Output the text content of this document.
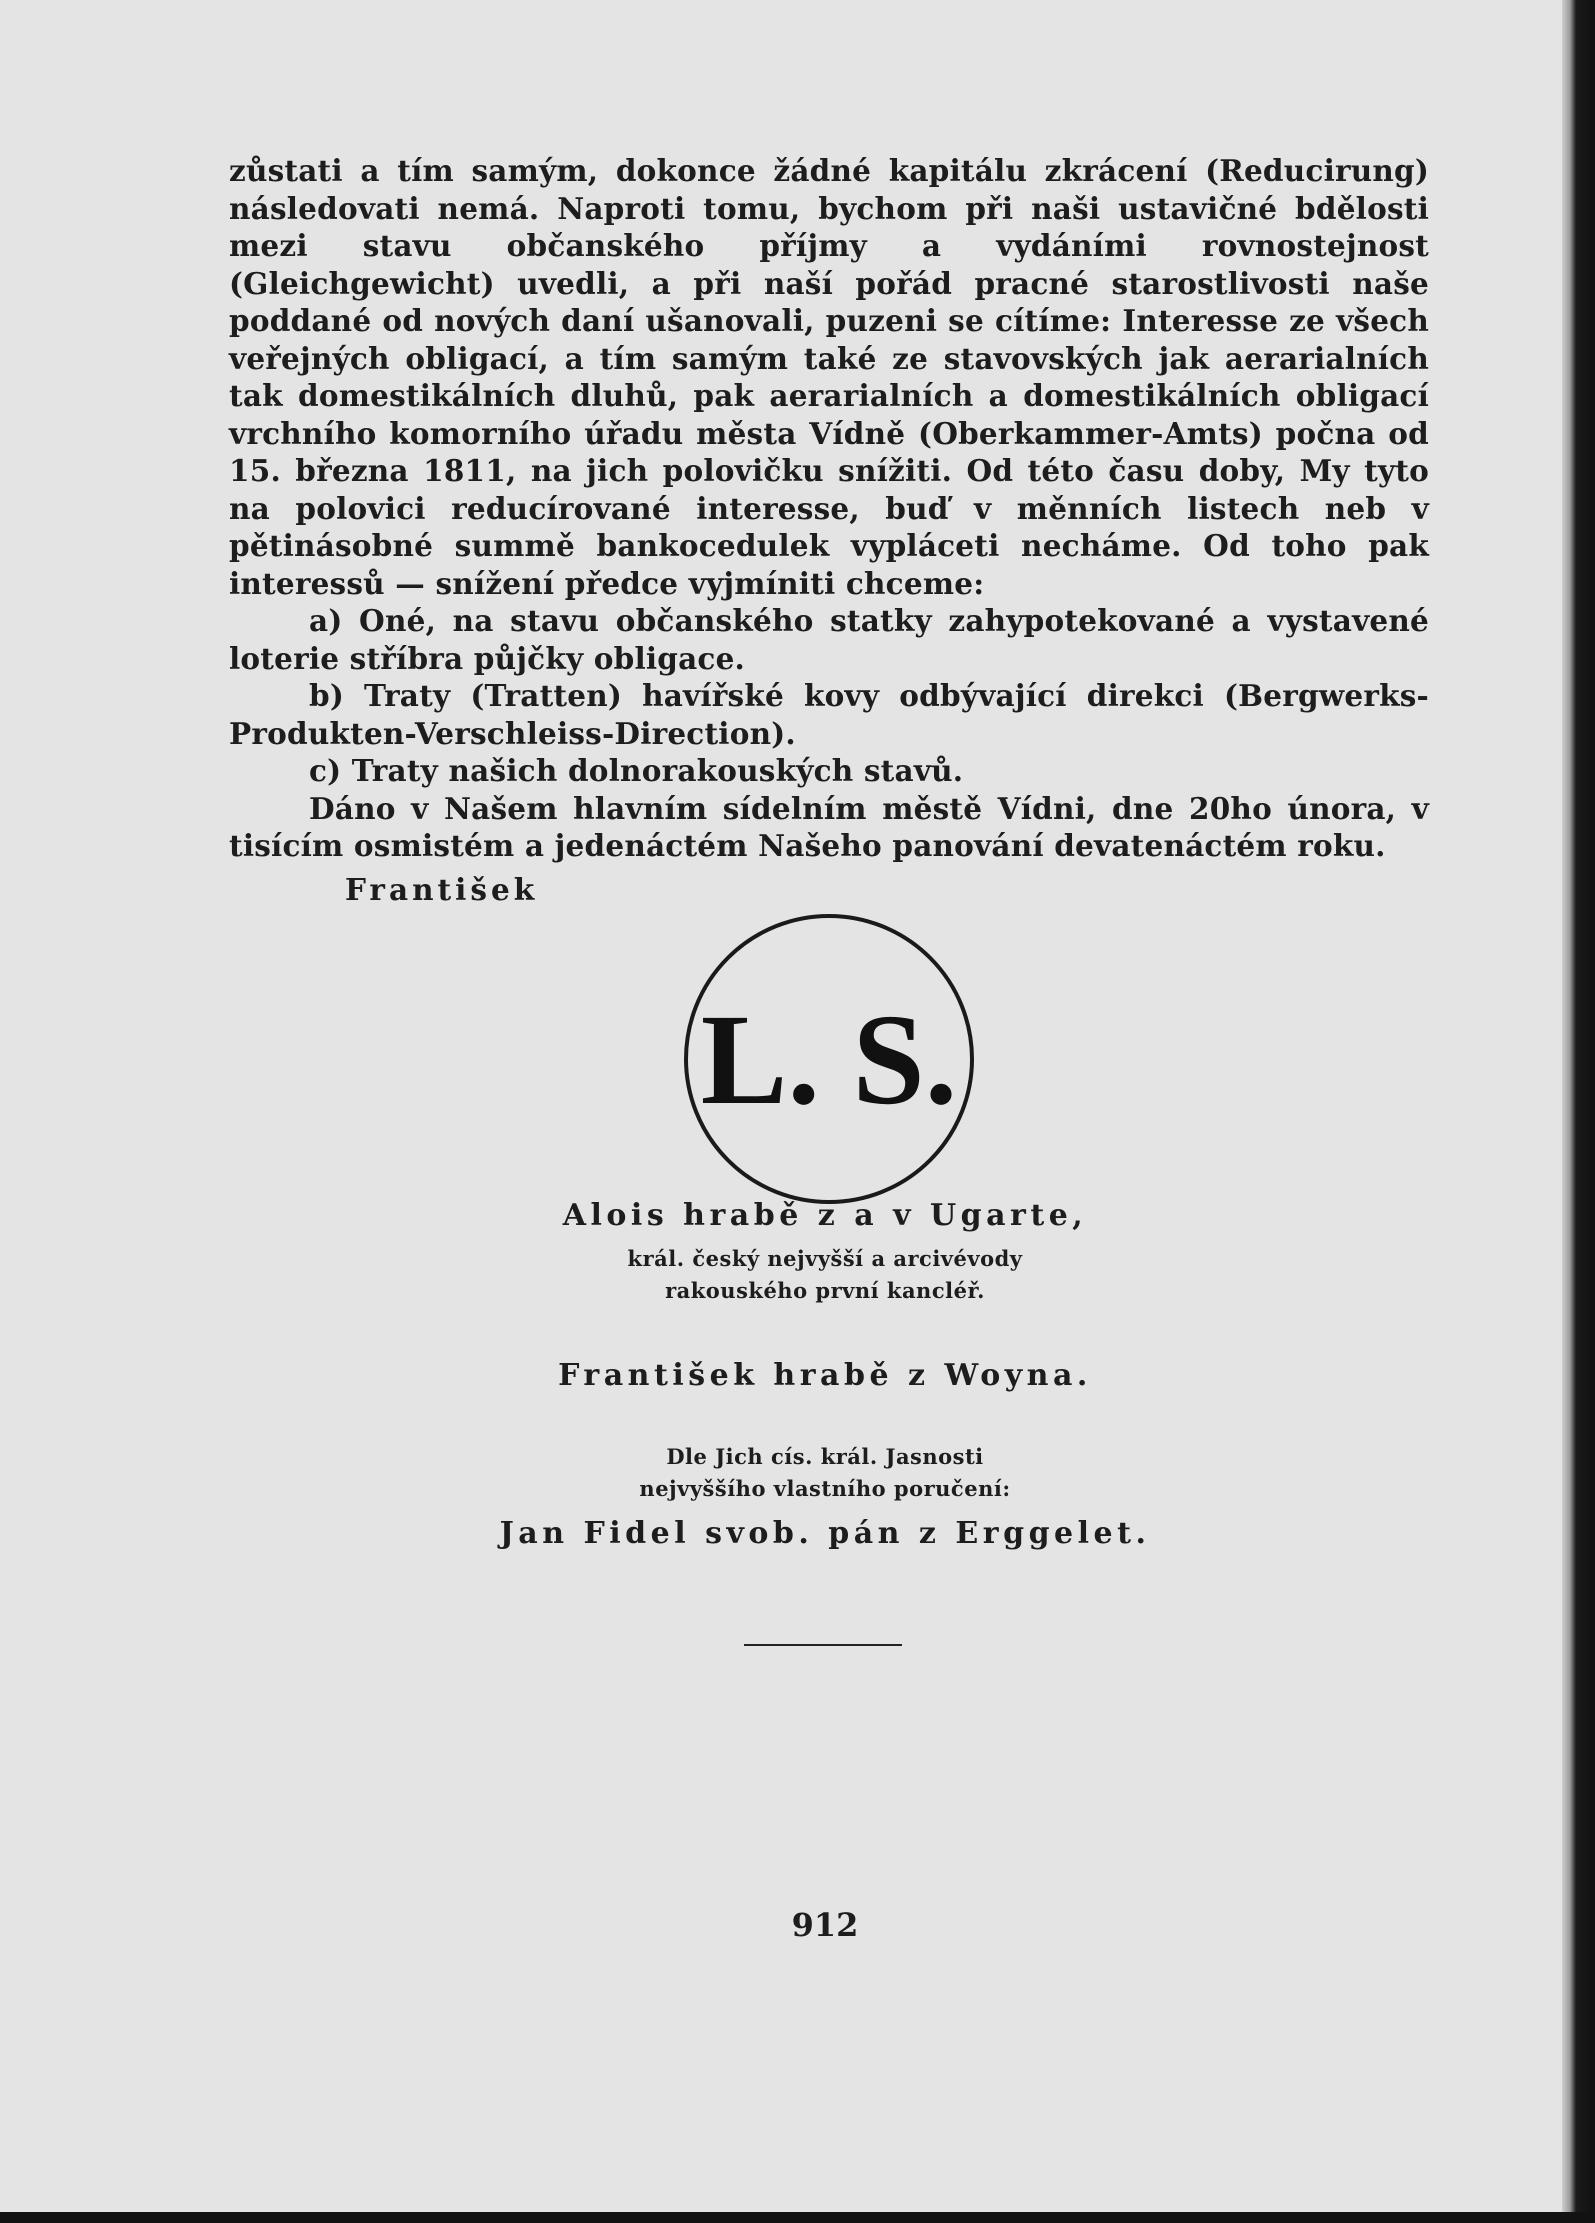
zůstati a tím samým, dokonce žádné kapitálu zkrácení (Reducirung) následovati nemá. Naproti tomu, bychom při naši ustavičné bdělosti mezi stavu občanského příjmy a vydáními rovnostejnost (Gleichgewicht) uvedli, a při naší pořád pracné starostlivosti naše poddané od nových daní ušanovali, puzeni se cítíme: Interesse ze všech veřejných obligací, a tím samým také ze stavovských jak aerarialních tak domestikálních dluhů, pak aerarialních a domestikálních obligací vrchního komorního úřadu města Vídně (Oberkammer-Amts) počna od 15. března 1811, na jich polovičku snížiti. Od této času doby, My tyto na polovici reducírované interesse, buď v měnních listech neb v pětinásobné summě bankocedulek vypláceti necháme. Od toho pak interessů — snížení předce vyjmíniti chceme:

a) Oné, na stavu občanského statky zahypotekované a vystavené loterie stříbra půjčky obligace.

b) Traty (Tratten) havířské kovy odbývající direkci (Bergwerks-Produkten-Verschleiss-Direction).

c) Traty našich dolnorakouských stavů.

Dáno v Našem hlavním sídelním městě Vídni, dne 20ho února, v tisícím osmistém a jedenáctém Našeho panování devatenáctém roku.

František
L. S.
Alois hrabě z a v Ugarte,
král. český nejvyšší a arcivévody
rakouského první kancléř.
František hrabě z Woyna.
Dle Jich cís. král. Jasnosti
nejvyššího vlastního poručení:
Jan Fidel svob. pán z Erggelet.
912
